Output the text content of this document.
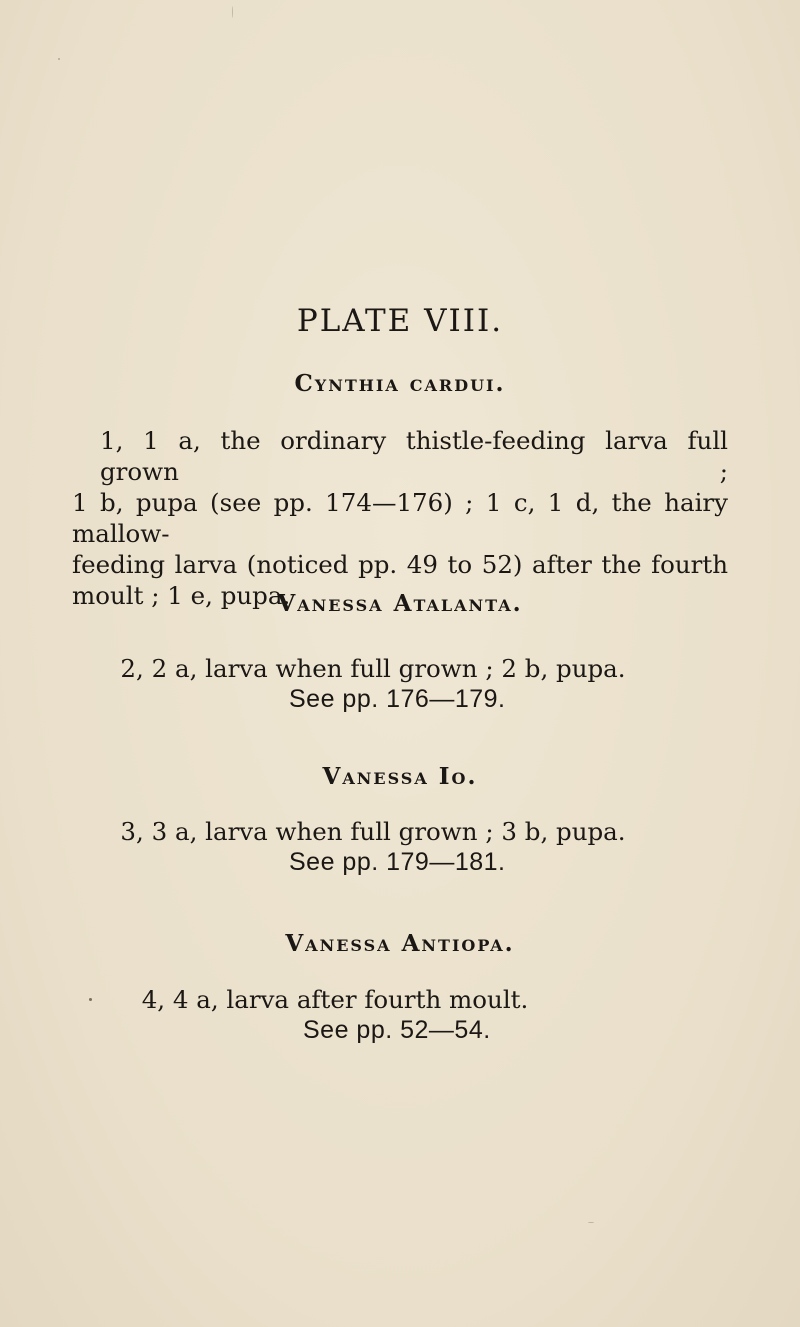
PLATE VIII.
Cynthia cardui.
1, 1 a, the ordinary thistle-feeding larva full grown ;
1 b, pupa (see pp. 174—176) ; 1 c, 1 d, the hairy mallow-
feeding larva (noticed pp. 49 to 52) after the fourth
moult ; 1 e, pupa.
Vanessa Atalanta.
2, 2 a, larva when full grown ; 2 b, pupa.
See pp. 176—179.
Vanessa Io.
3, 3 a, larva when full grown ; 3 b, pupa.
See pp. 179—181.
Vanessa Antiopa.
4, 4 a, larva after fourth moult.
See pp. 52—54.
